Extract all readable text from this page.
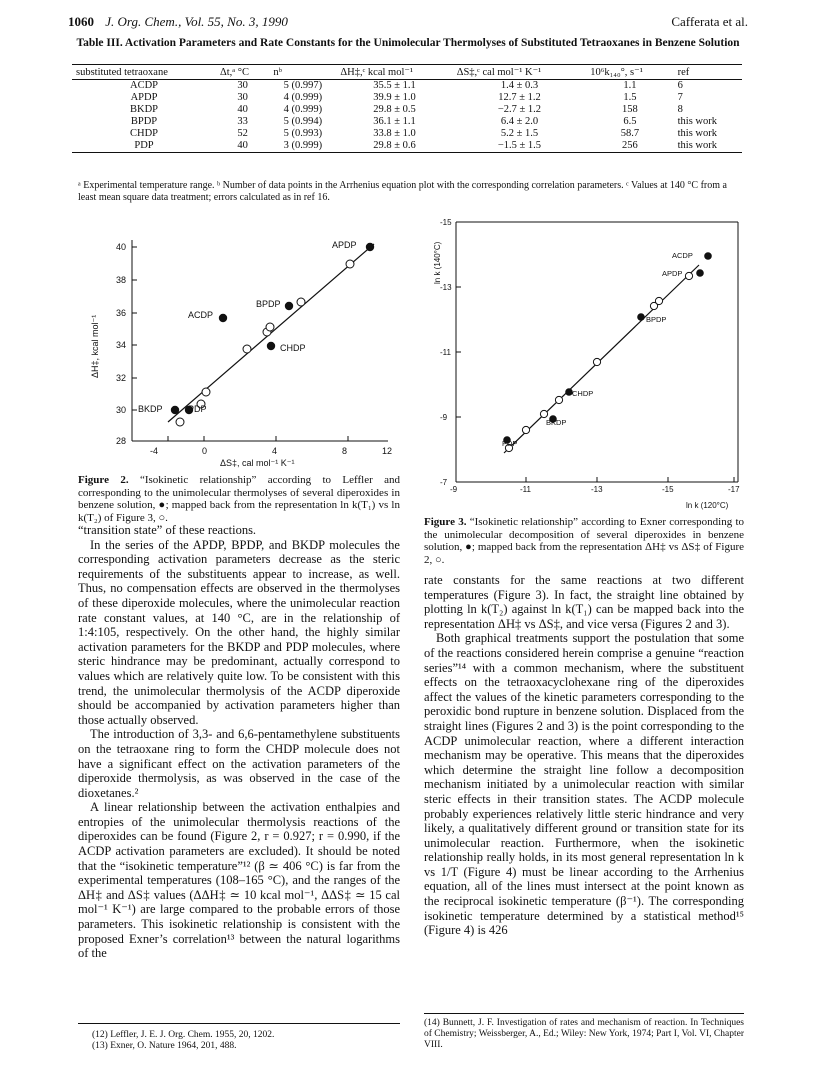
1060 J. Org. Chem., Vol. 55, No. 3, 1990	Cafferata et al.
Table III. Activation Parameters and Rate Constants for the Unimolecular Thermolyses of Substituted Tetraoxanes in Benzene Solution
substituted tetraoxane	Δt,ᵃ °C	nᵇ	ΔH‡,ᶜ kcal mol⁻¹	ΔS‡,ᶜ cal mol⁻¹ K⁻¹	10⁶k₁₄₀°, s⁻¹	ref
ACDP	30	5 (0.997)	35.5 ± 1.1	1.4 ± 0.3	1.1	6
APDP	30	4 (0.999)	39.9 ± 1.0	12.7 ± 1.2	1.5	7
BKDP	40	4 (0.999)	29.8 ± 0.5	−2.7 ± 1.2	158	8
BPDP	33	5 (0.994)	36.1 ± 1.1	6.4 ± 2.0	6.5	this work
CHDP	52	5 (0.993)	33.8 ± 1.0	5.2 ± 1.5	58.7	this work
PDP	40	3 (0.999)	29.8 ± 0.6	−1.5 ± 1.5	256	this work
ᵃ Experimental temperature range. ᵇ Number of data points in the Arrhenius equation plot with the corresponding correlation parameters. ᶜ Values at 140 °C from a least mean square data treatment; errors calculated as in ref 16.
-4	0	4	8	12
28
30
32
34
36
38
40	APDP
BPDP
ACDP
CHDP
BKDP	PDP
ΔS‡, cal mol⁻¹ K⁻¹
ΔH‡, kcal mol⁻¹
Figure 2. “Isokinetic relationship” according to Leffler and corresponding to the unimolecular thermolyses of several diperoxides in benzene solution, ●; mapped back from the representation ln k(T₁) vs ln k(T₂) of Figure 3, ○.
-9	-11	-13	-15	-17
-7
-9
-11
-13
-15
ACDP
APDP
BPDP
CHDP
BKDP
PDP
ln k (120°C)
ln k (140°C)
Figure 3. “Isokinetic relationship” according to Exner corresponding to the unimolecular decomposition of several diperoxides in benzene solution, ●; mapped back from the representation ΔH‡ vs ΔS‡ of Figure 2, ○.

“transition state” of these reactions.

In the series of the APDP, BPDP, and BKDP molecules the corresponding activation parameters decrease as the steric requirements of the substituents appear to increase, as well. Thus, no compensation effects are observed in the thermolyses of these diperoxide molecules, where the unimolecular reaction rate constant values, at 140 °C, are in the relationship of 1:4:105, respectively. On the other hand, the highly similar activation parameters for the BKDP and PDP molecules, where steric hindrance may be predominant, actually correspond to values which are relatively quite low. To be consistent with this trend, the unimolecular thermolysis of the ACDP diperoxide should be accompanied by activation parameters higher than those actually observed.

The introduction of 3,3- and 6,6-pentamethylene substituents on the tetraoxane ring to form the CHDP molecule does not have a significant effect on the activation parameters of the diperoxide thermolysis, as was observed in the case of the dioxetanes.²

A linear relationship between the activation enthalpies and entropies of the unimolecular thermolysis reactions of the diperoxides can be found (Figure 2, r = 0.927; r = 0.990, if the ACDP activation parameters are excluded). It should be noted that the “isokinetic temperature”¹² (β ≃ 406 °C) is far from the experimental temperatures (108–165 °C), and the ranges of the ΔH‡ and ΔS‡ values (ΔΔH‡ ≃ 10 kcal mol⁻¹, ΔΔS‡ ≃ 15 cal mol⁻¹ K⁻¹) are large compared to the probable errors of those parameters. This isokinetic relationship is consistent with the proposed Exner’s correlation¹³ between the natural logarithms of the

rate constants for the same reactions at two different temperatures (Figure 3). In fact, the straight line obtained by plotting ln k(T₂) against ln k(T₁) can be mapped back into the representation ΔH‡ vs ΔS‡, and vice versa (Figures 2 and 3).

Both graphical treatments support the postulation that some of the reactions considered herein comprise a genuine “reaction series”¹⁴ with a common mechanism, where the substituent effects on the tetraoxacyclohexane ring of the diperoxides affect the values of the kinetic parameters corresponding to the peroxidic bond rupture in benzene solution. Displaced from the straight lines (Figures 2 and 3) is the point corresponding to the ACDP unimolecular reaction, where a different interaction mechanism may be operative. This means that the diperoxides which determine the straight line follow a decomposition mechanism initiated by a unimolecular reaction with similar steric effects in their transition states. The ACDP molecule probably experiences relatively little steric hindrance and very likely, a qualitatively different ground or transition state for its unimolecular reaction. Furthermore, when the isokinetic relationship really holds, in its most general representation ln k vs 1/T (Figure 4) must be linear according to the Arrhenius equation, all of the lines must intersect at the point known as the reciprocal isokinetic temperature (β⁻¹). The corresponding isokinetic temperature determined by a statistical method¹⁵ (Figure 4) is 426

(12) Leffler, J. E. J. Org. Chem. 1955, 20, 1202.
(13) Exner, O. Nature 1964, 201, 488.
(14) Bunnett, J. F. Investigation of rates and mechanism of reaction. In Techniques of Chemistry; Weissberger, A., Ed.; Wiley: New York, 1974; Part I, Vol. VI, Chapter VIII.
